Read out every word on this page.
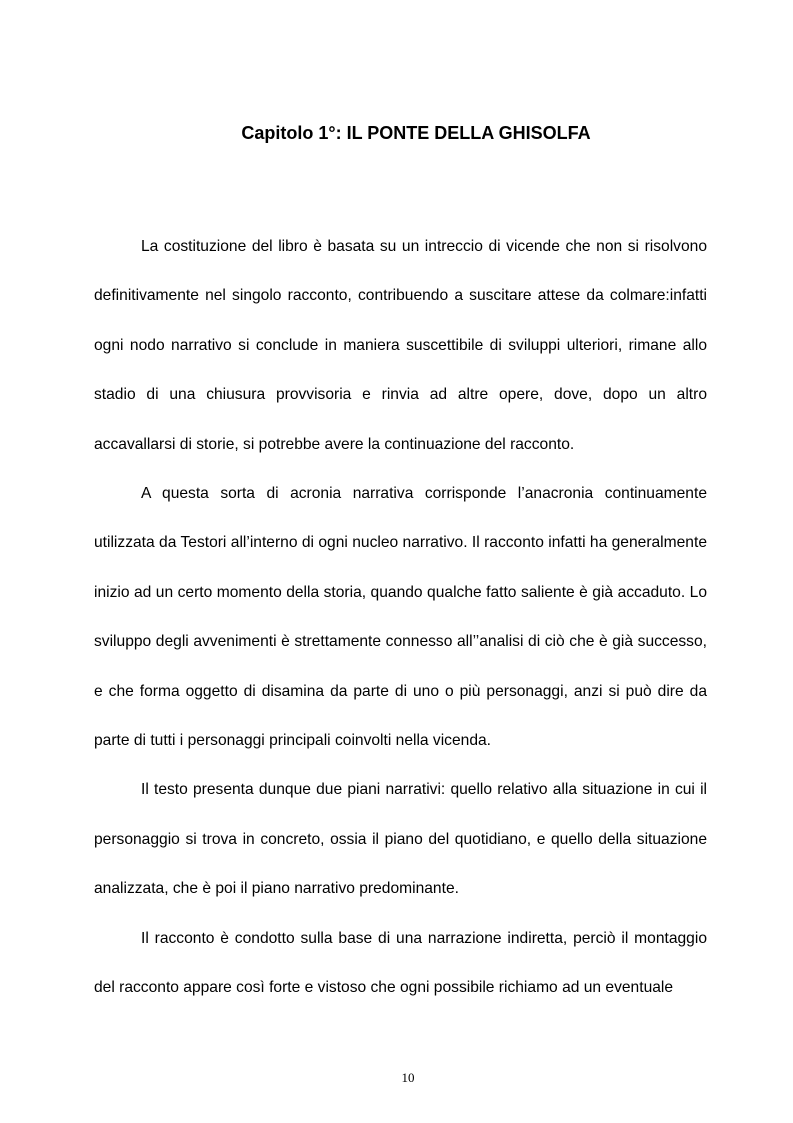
Capitolo 1°: IL PONTE DELLA GHISOLFA

La costituzione del libro è basata su un intreccio di vicende che non si risolvono definitivamente nel singolo racconto, contribuendo a suscitare attese da colmare:infatti ogni nodo narrativo si conclude in maniera suscettibile di sviluppi ulteriori, rimane allo stadio di una chiusura provvisoria e rinvia ad altre opere, dove, dopo un altro accavallarsi di storie, si potrebbe avere la continuazione del racconto.

A questa sorta di acronia narrativa corrisponde l’anacronia continuamente utilizzata da Testori all’interno di ogni nucleo narrativo. Il racconto infatti ha generalmente inizio ad un certo momento della storia, quando qualche fatto saliente è già accaduto. Lo sviluppo degli avvenimenti è strettamente connesso all’’analisi di ciò che è già successo, e che forma oggetto di disamina da parte di uno o più personaggi, anzi si può dire da parte di tutti i personaggi principali coinvolti nella vicenda.

Il testo presenta dunque due piani narrativi: quello relativo alla situazione in cui il personaggio si trova in concreto, ossia il piano del quotidiano, e quello della situazione analizzata, che è poi il piano narrativo predominante.

Il racconto è condotto sulla base di una narrazione indiretta, perciò il montaggio del racconto appare così forte e vistoso che ogni possibile richiamo ad un eventuale

10
